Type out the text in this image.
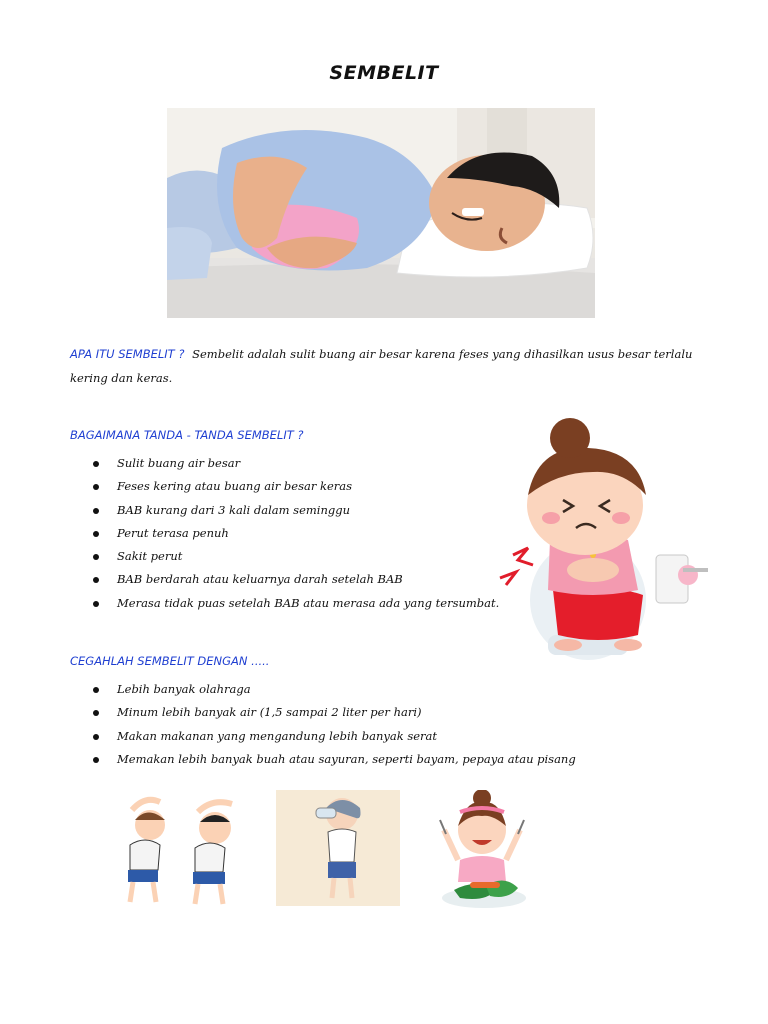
SEMBELIT
APA ITU SEMBELIT ? Sembelit adalah sulit buang air besar karena feses yang dihasilkan usus besar terlalu kering dan keras.
BAGAIMANA TANDA - TANDA SEMBELIT ?
Sulit buang air besar
Feses kering atau buang air besar keras
BAB kurang dari 3 kali dalam seminggu
Perut terasa penuh
Sakit perut
BAB berdarah atau keluarnya darah setelah BAB
Merasa tidak puas setelah BAB atau merasa ada yang tersumbat.
CEGAHLAH SEMBELIT DENGAN .....
Lebih banyak olahraga
Minum lebih banyak air (1,5 sampai 2 liter per hari)
Makan makanan yang mengandung lebih banyak serat
Memakan lebih banyak buah atau sayuran, seperti bayam, pepaya atau pisang
